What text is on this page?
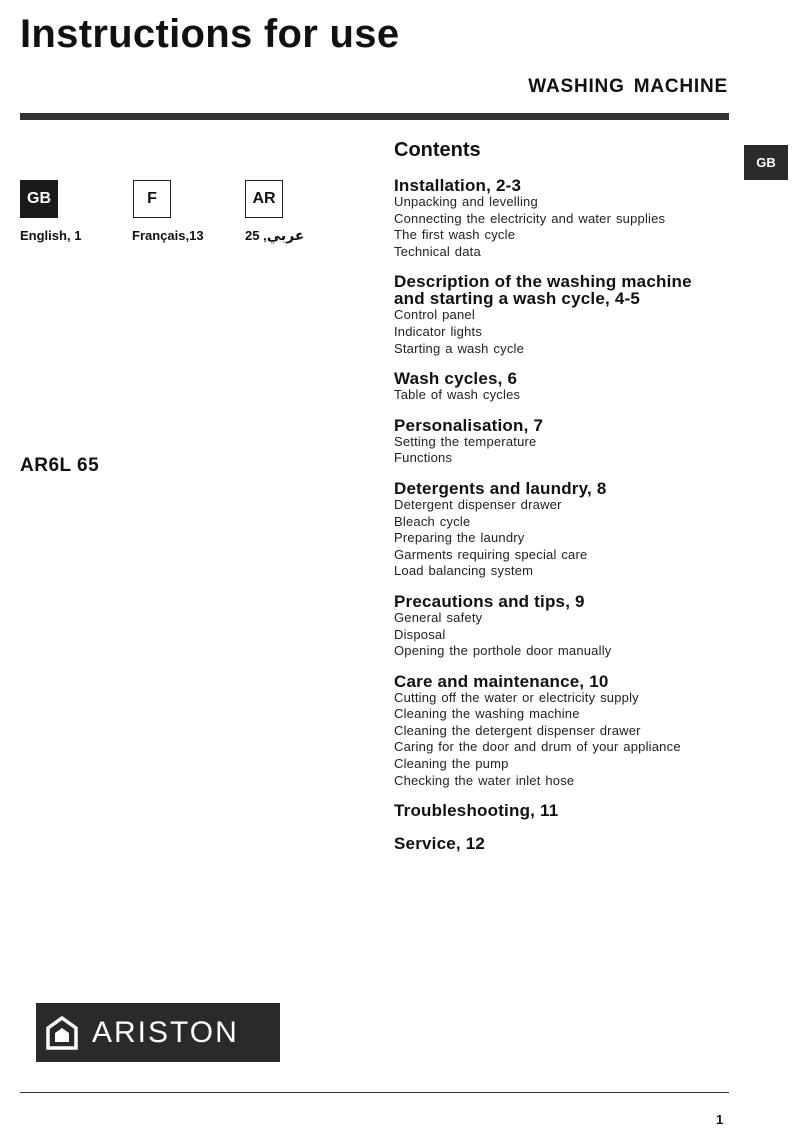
Instructions for use
WASHING MACHINE
GB
GB	F	AR
English, 1	Français,13	عربي, 25
AR6L 65
Contents
Installation, 2-3
Unpacking and levelling
Connecting the electricity and water supplies
The first wash cycle
Technical data
Description of the washing machine
and starting a wash cycle, 4-5
Control panel
Indicator lights
Starting a wash cycle
Wash cycles, 6
Table of wash cycles
Personalisation, 7
Setting the temperature
Functions
Detergents and laundry, 8
Detergent dispenser drawer
Bleach cycle
Preparing the laundry
Garments requiring special care
Load balancing system
Precautions and tips, 9
General safety
Disposal
Opening the porthole door manually
Care and maintenance, 10
Cutting off the water or electricity supply
Cleaning the washing machine
Cleaning the detergent dispenser drawer
Caring for the door and drum of your appliance
Cleaning the pump
Checking the water inlet hose
Troubleshooting, 11
Service, 12
ARISTON
1
